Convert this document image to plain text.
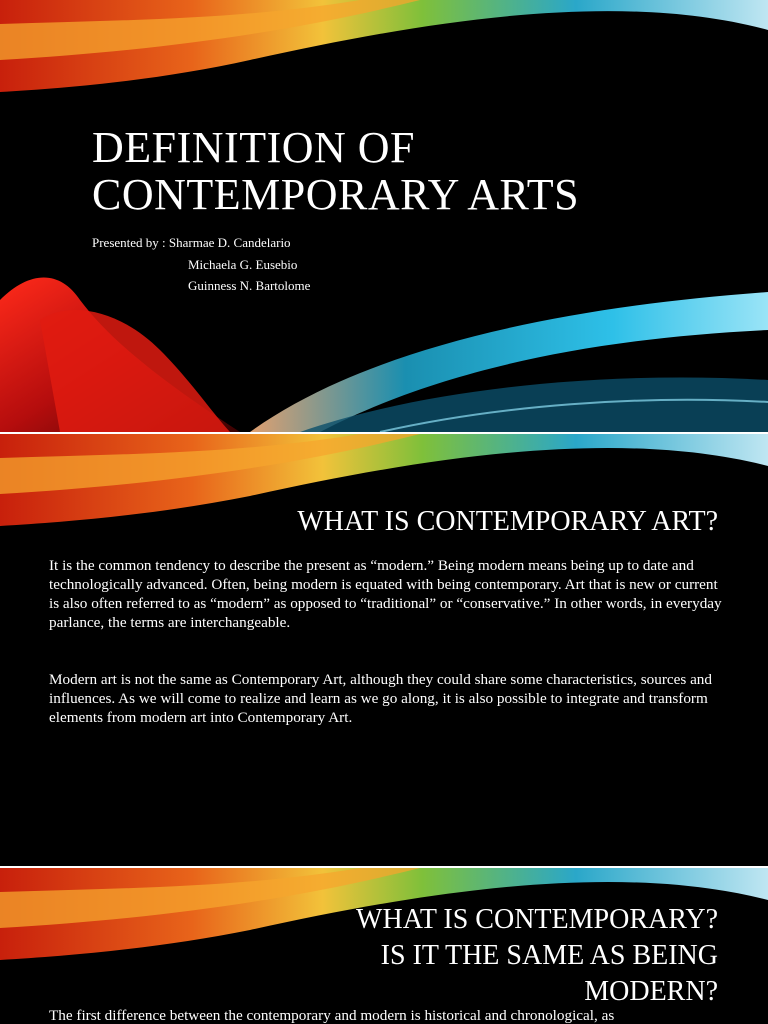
DEFINITION OF
CONTEMPORARY ARTS
Presented by : Sharmae D. Candelario
Michaela G. Eusebio
Guinness N. Bartolome
WHAT IS CONTEMPORARY ART?

It is the common tendency to describe the present as “modern.” Being modern means being up to date and technologically advanced. Often, being modern is equated with being contemporary. Art that is new or current is also often referred to as “modern” as opposed to “traditional” or “conservative.” In other words, in everyday parlance, the terms are interchangeable.

Modern art is not the same as Contemporary Art, although they could share some characteristics, sources and influences. As we will come to realize and learn as we go along, it is also possible to integrate and transform elements from modern art into Contemporary Art.

WHAT IS CONTEMPORARY?
IS IT THE SAME AS BEING
MODERN?
The first difference between the contemporary and modern is historical and chronological, as
